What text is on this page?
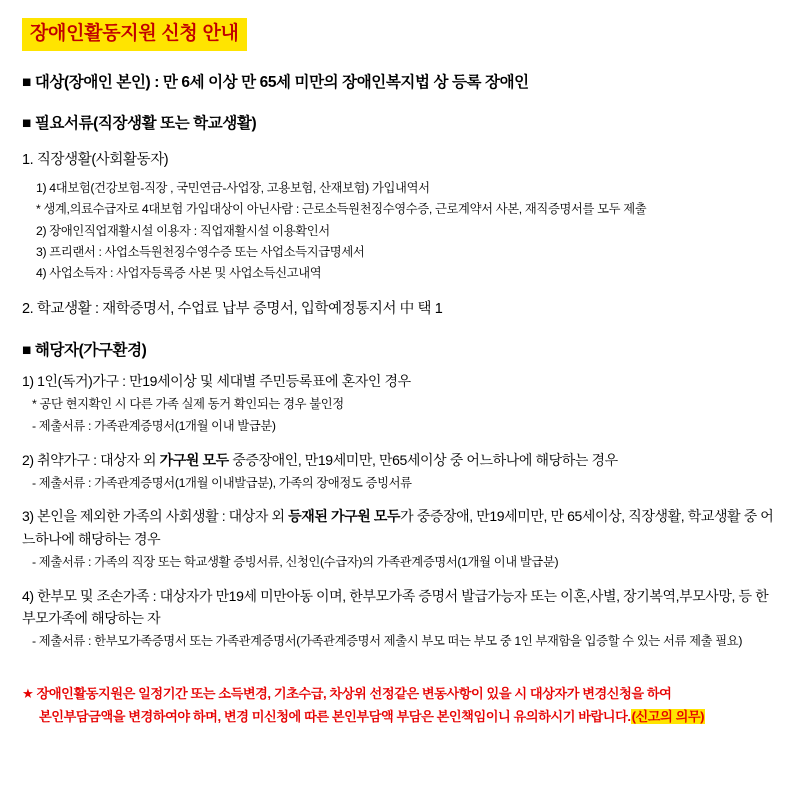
장애인활동지원 신청 안내
■ 대상(장애인 본인) : 만 6세 이상 만 65세 미만의 장애인복지법 상 등록 장애인
■ 필요서류(직장생활 또는 학교생활)
1. 직장생활(사회활동자)
1) 4대보험(건강보험-직장 , 국민연금-사업장, 고용보험, 산재보험) 가입내역서
* 생계,의료수급자로 4대보험 가입대상이 아닌사람 : 근로소득원천징수영수증, 근로계약서 사본, 재직증명서를 모두 제출
2) 장애인직업재활시설 이용자 : 직업재활시설 이용확인서
3) 프리랜서 : 사업소득원천징수영수증 또는 사업소득지급명세서
4) 사업소득자 : 사업자등록증 사본 및 사업소득신고내역
2. 학교생활 : 재학증명서, 수업료 납부 증명서, 입학예정통지서 中 택 1
■ 해당자(가구환경)
1) 1인(독거)가구 : 만19세이상 및 세대별 주민등록표에 혼자인 경우
* 공단 현지확인 시 다른 가족 실제 동거 확인되는 경우 불인정
- 제출서류 : 가족관계증명서(1개월 이내 발급분)
2) 취약가구 : 대상자 외 가구원 모두 중증장애인, 만19세미만, 만65세이상 중 어느하나에 해당하는 경우
- 제출서류 : 가족관계증명서(1개월 이내발급분), 가족의 장애정도 증빙서류
3) 본인을 제외한 가족의 사회생활 : 대상자 외 등재된 가구원 모두가 중증장애, 만19세미만, 만 65세이상, 직장생활, 학교생활 중 어느하나에 해당하는 경우
- 제출서류 : 가족의 직장 또는 학교생활 증빙서류, 신청인(수급자)의 가족관계증명서(1개월 이내 발급분)
4) 한부모 및 조손가족 : 대상자가 만19세 미만아동 이며, 한부모가족 증명서 발급가능자 또는 이혼,사별, 장기복역,부모사망, 등 한부모가족에 해당하는 자
- 제출서류 : 한부모가족증명서 또는 가족관계증명서(가족관계증명서 제출시 부모 떠는 부모 중 1인 부재함을 입증할 수 있는 서류 제출 필요)
★ 장애인활동지원은 일정기간 또는 소득변경, 기초수급, 차상위 선정같은 변동사항이 있을 시 대상자가 변경신청을 하여
본인부담금액을 변경하여야 하며, 변경 미신청에 따른 본인부담액 부담은 본인책임이니 유의하시기 바랍니다.(신고의 의무)
